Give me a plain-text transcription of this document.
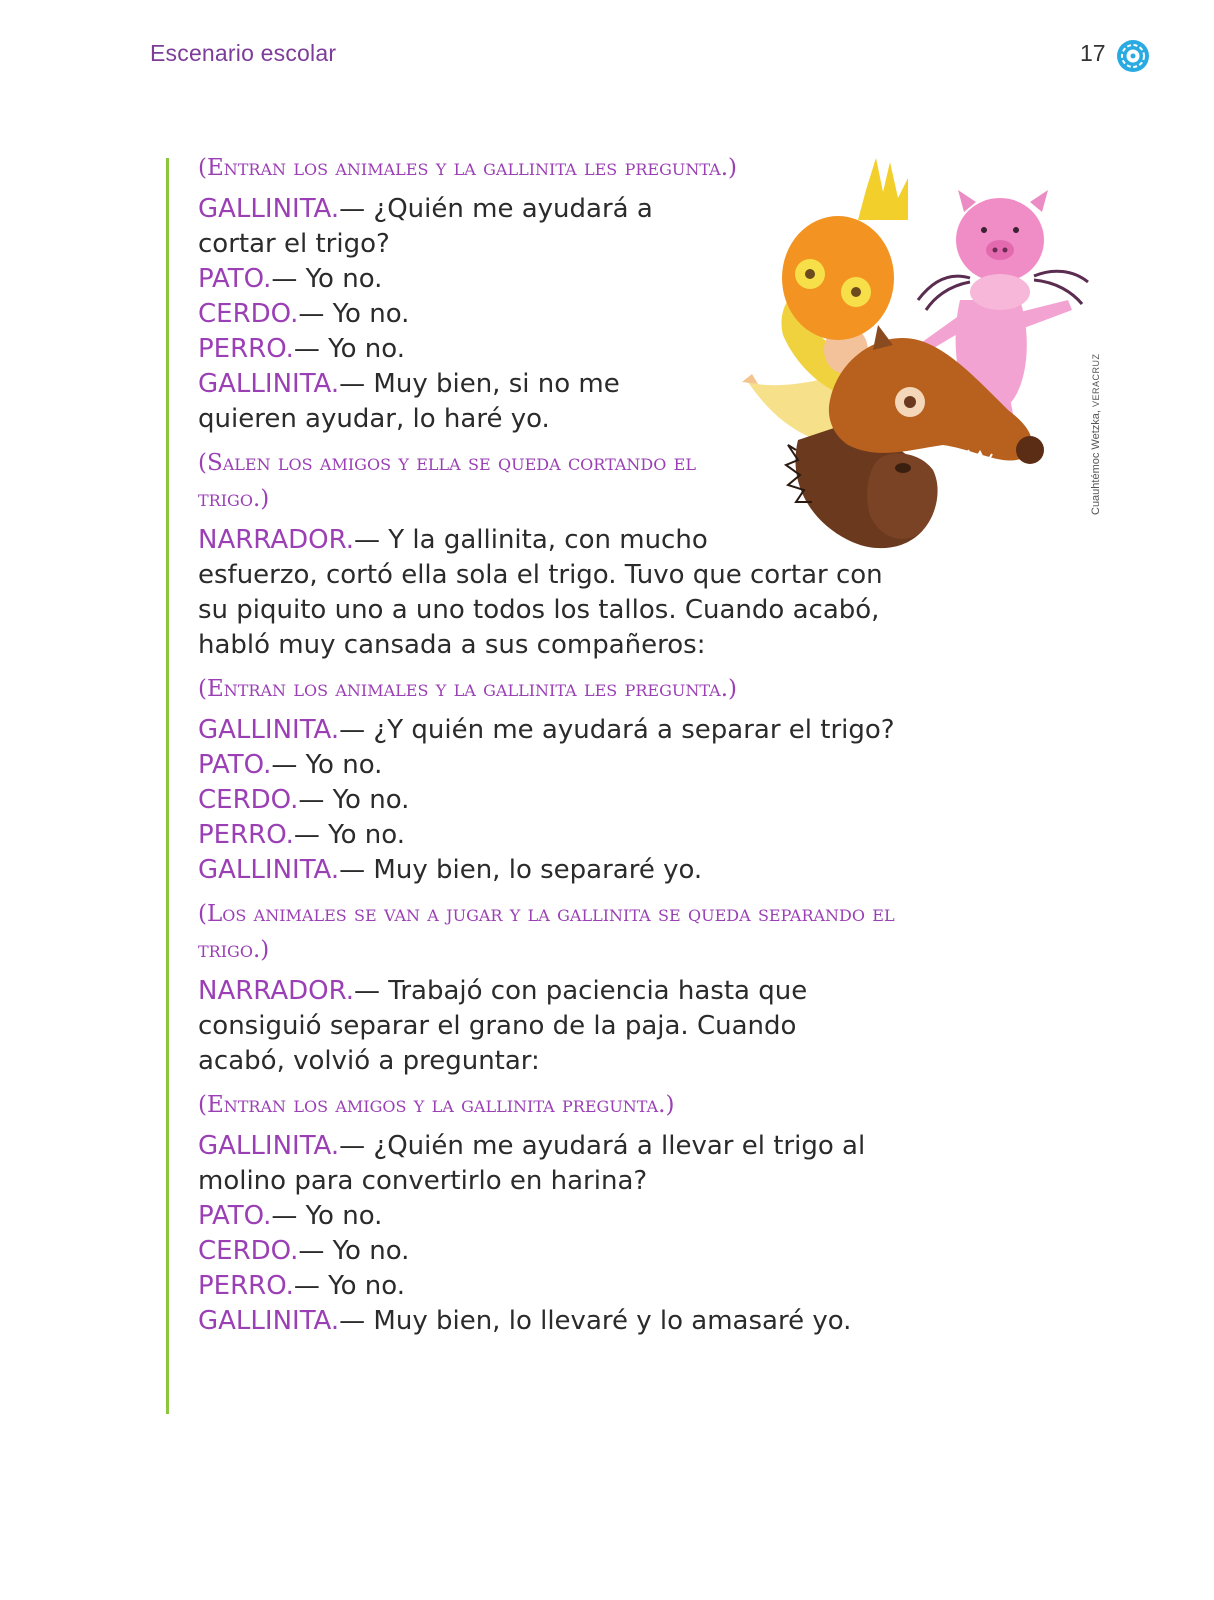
Escenario escolar	17

(Entran los animales y la gallinita les pregunta.)

GALLINITA.— ¿Quién me ayudará a
cortar el trigo?
PATO.— Yo no.
CERDO.— Yo no.
PERRO.— Yo no.
GALLINITA.— Muy bien, si no me
quieren ayudar, lo haré yo.

(Salen los amigos y ella se queda cortando el trigo.)

NARRADOR.— Y la gallinita, con mucho
esfuerzo, cortó ella sola el trigo. Tuvo que cortar con
su piquito uno a uno todos los tallos. Cuando acabó,
habló muy cansada a sus compañeros:

(Entran los animales y la gallinita les pregunta.)

GALLINITA.— ¿Y quién me ayudará a separar el trigo?
PATO.— Yo no.
CERDO.— Yo no.
PERRO.— Yo no.
GALLINITA.— Muy bien, lo separaré yo.

(Los animales se van a jugar y la gallinita se queda separando el trigo.)

NARRADOR.— Trabajó con paciencia hasta que
consiguió separar el grano de la paja. Cuando
acabó, volvió a preguntar:

(Entran los amigos y la gallinita pregunta.)

GALLINITA.— ¿Quién me ayudará a llevar el trigo al
molino para convertirlo en harina?
PATO.— Yo no.
CERDO.— Yo no.
PERRO.— Yo no.
GALLINITA.— Muy bien, lo llevaré y lo amasaré yo.
Cuauhtémoc Wetzka, VERACRUZ
